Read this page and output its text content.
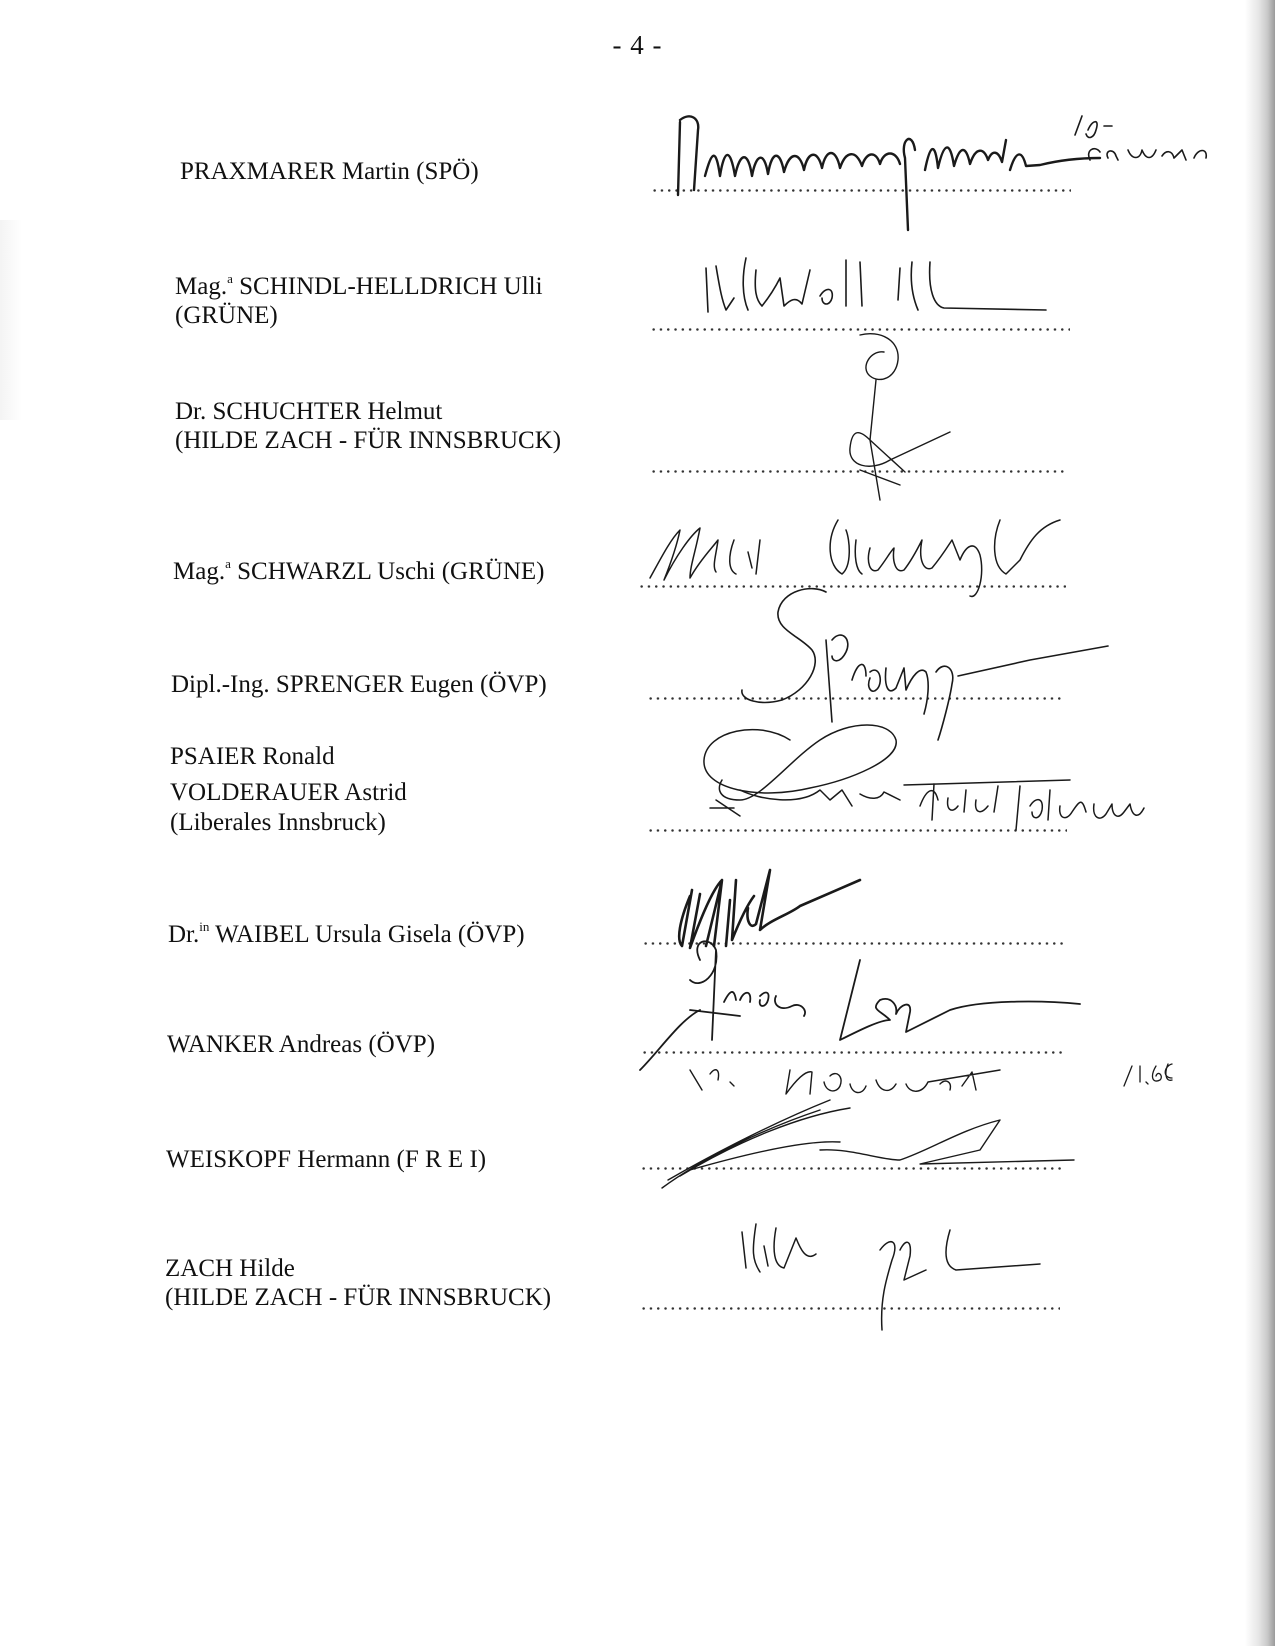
- 4 -
PRAXMARER Martin (SPÖ)
Mag.$^a$ SCHINDL-HELLDRICH Ulli
(GRÜNE)
Dr. SCHUCHTER Helmut
(HILDE ZACH - FÜR INNSBRUCK)
Mag.$^a$ SCHWARZL Uschi (GRÜNE)
Dipl.-Ing. SPRENGER Eugen (ÖVP)
PSAIER Ronald
VOLDERAUER Astrid
(Liberales Innsbruck)
Dr.$^{in}$ WAIBEL Ursula Gisela (ÖVP)
WANKER Andreas (ÖVP)
WEISKOPF Hermann (F R E I)
ZACH Hilde
(HILDE ZACH - FÜR INNSBRUCK)
